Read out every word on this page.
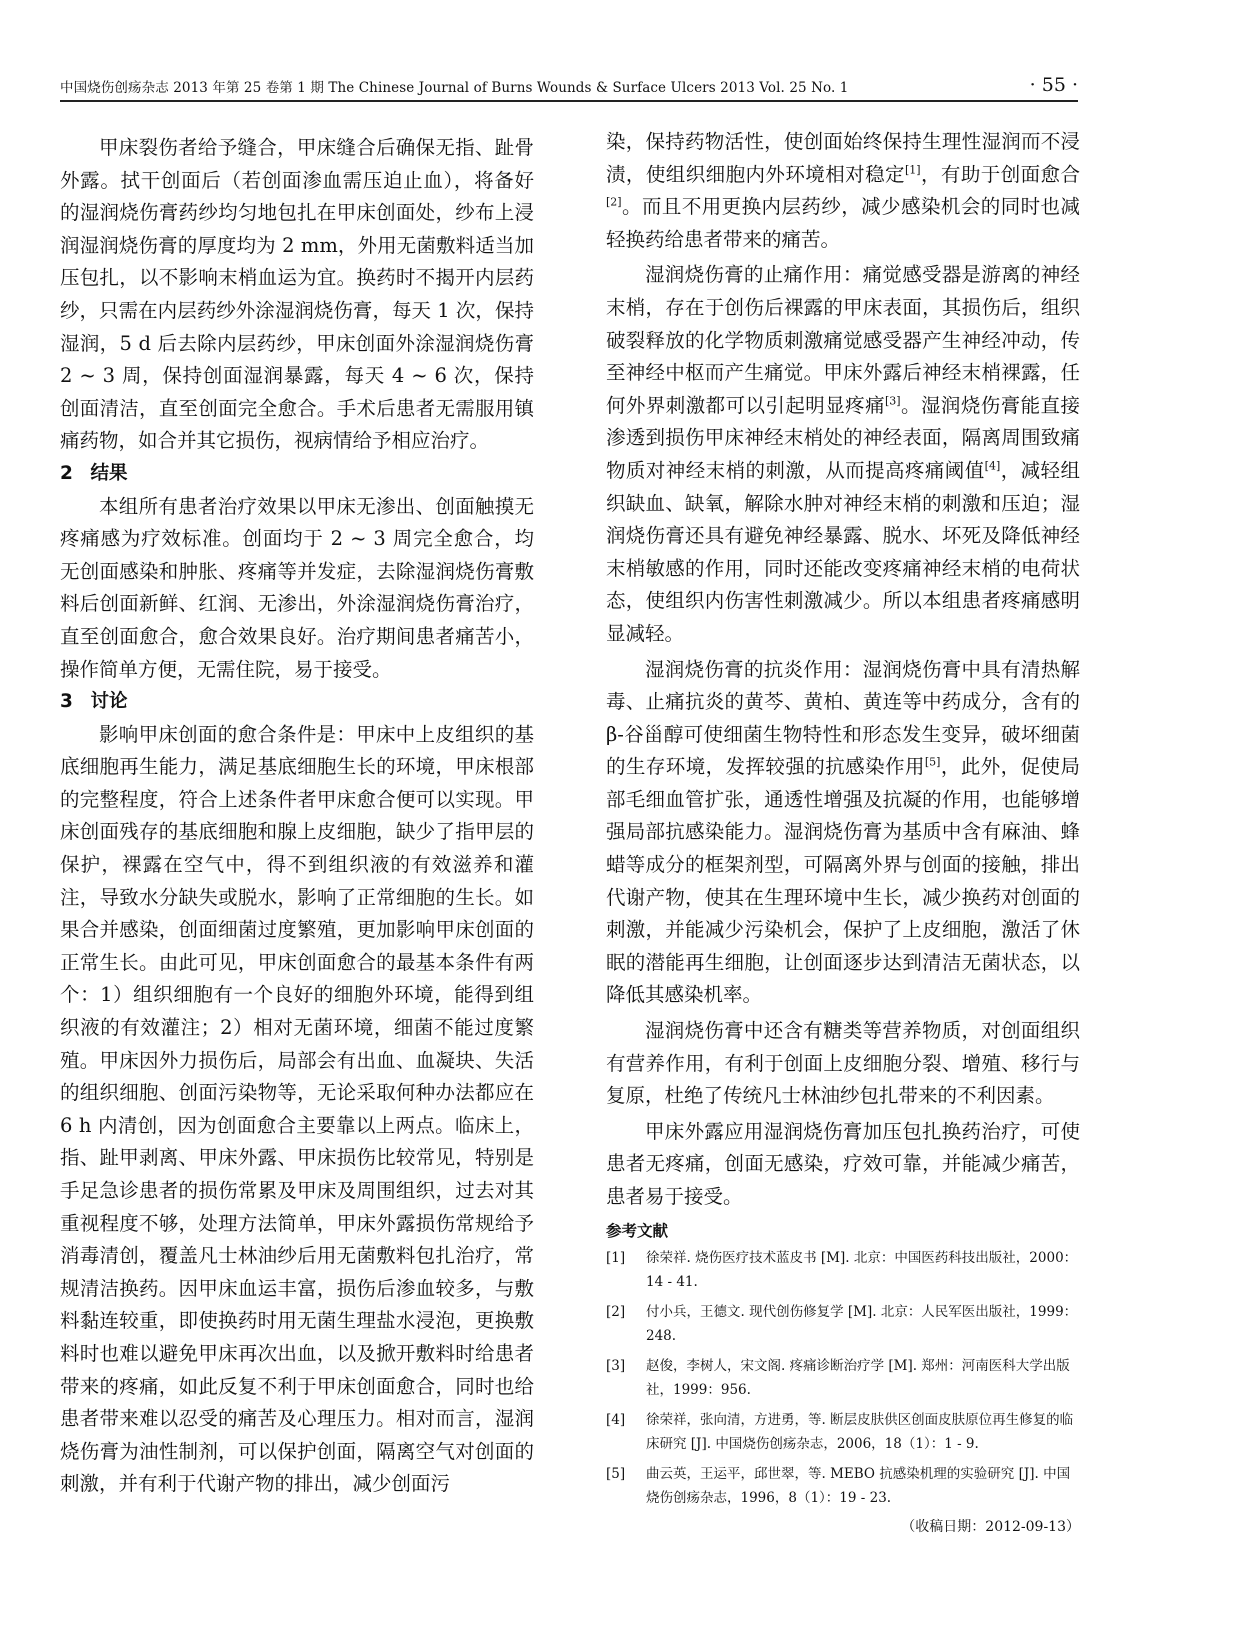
中国烧伤创疡杂志 2013 年第 25 卷第 1 期 The Chinese Journal of Burns Wounds & Surface Ulcers 2013 Vol. 25 No. 1	· 55 ·

甲床裂伤者给予缝合，甲床缝合后确保无指、趾骨外露。拭干创面后（若创面渗血需压迫止血），将备好的湿润烧伤膏药纱均匀地包扎在甲床创面处，纱布上浸润湿润烧伤膏的厚度均为 2 mm，外用无菌敷料适当加压包扎，以不影响末梢血运为宜。换药时不揭开内层药纱，只需在内层药纱外涂湿润烧伤膏，每天 1 次，保持湿润，5 d 后去除内层药纱，甲床创面外涂湿润烧伤膏 2 ~ 3 周，保持创面湿润暴露，每天 4 ~ 6 次，保持创面清洁，直至创面完全愈合。手术后患者无需服用镇痛药物，如合并其它损伤，视病情给予相应治疗。

2 结果

本组所有患者治疗效果以甲床无渗出、创面触摸无疼痛感为疗效标准。创面均于 2 ~ 3 周完全愈合，均无创面感染和肿胀、疼痛等并发症，去除湿润烧伤膏敷料后创面新鲜、红润、无渗出，外涂湿润烧伤膏治疗，直至创面愈合，愈合效果良好。治疗期间患者痛苦小，操作简单方便，无需住院，易于接受。

3 讨论

影响甲床创面的愈合条件是：甲床中上皮组织的基底细胞再生能力，满足基底细胞生长的环境，甲床根部的完整程度，符合上述条件者甲床愈合便可以实现。甲床创面残存的基底细胞和腺上皮细胞，缺少了指甲层的保护，裸露在空气中，得不到组织液的有效滋养和灌注，导致水分缺失或脱水，影响了正常细胞的生长。如果合并感染，创面细菌过度繁殖，更加影响甲床创面的正常生长。由此可见，甲床创面愈合的最基本条件有两个：1）组织细胞有一个良好的细胞外环境，能得到组织液的有效灌注；2）相对无菌环境，细菌不能过度繁殖。甲床因外力损伤后，局部会有出血、血凝块、失活的组织细胞、创面污染物等，无论采取何种办法都应在 6 h 内清创，因为创面愈合主要靠以上两点。临床上，指、趾甲剥离、甲床外露、甲床损伤比较常见，特别是手足急诊患者的损伤常累及甲床及周围组织，过去对其重视程度不够，处理方法简单，甲床外露损伤常规给予消毒清创，覆盖凡士林油纱后用无菌敷料包扎治疗，常规清洁换药。因甲床血运丰富，损伤后渗血较多，与敷料黏连较重，即使换药时用无菌生理盐水浸泡，更换敷料时也难以避免甲床再次出血，以及掀开敷料时给患者带来的疼痛，如此反复不利于甲床创面愈合，同时也给患者带来难以忍受的痛苦及心理压力。相对而言，湿润烧伤膏为油性制剂，可以保护创面，隔离空气对创面的刺激，并有利于代谢产物的排出，减少创面污

染，保持药物活性，使创面始终保持生理性湿润而不浸渍，使组织细胞内外环境相对稳定[1]，有助于创面愈合[2]。而且不用更换内层药纱，减少感染机会的同时也减轻换药给患者带来的痛苦。

湿润烧伤膏的止痛作用：痛觉感受器是游离的神经末梢，存在于创伤后裸露的甲床表面，其损伤后，组织破裂释放的化学物质刺激痛觉感受器产生神经冲动，传至神经中枢而产生痛觉。甲床外露后神经末梢裸露，任何外界刺激都可以引起明显疼痛[3]。湿润烧伤膏能直接渗透到损伤甲床神经末梢处的神经表面，隔离周围致痛物质对神经末梢的刺激，从而提高疼痛阈值[4]，减轻组织缺血、缺氧，解除水肿对神经末梢的刺激和压迫；湿润烧伤膏还具有避免神经暴露、脱水、坏死及降低神经末梢敏感的作用，同时还能改变疼痛神经末梢的电荷状态，使组织内伤害性刺激减少。所以本组患者疼痛感明显减轻。

湿润烧伤膏的抗炎作用：湿润烧伤膏中具有清热解毒、止痛抗炎的黄芩、黄柏、黄连等中药成分，含有的β-谷甾醇可使细菌生物特性和形态发生变异，破坏细菌的生存环境，发挥较强的抗感染作用[5]，此外，促使局部毛细血管扩张，通透性增强及抗凝的作用，也能够增强局部抗感染能力。湿润烧伤膏为基质中含有麻油、蜂蜡等成分的框架剂型，可隔离外界与创面的接触，排出代谢产物，使其在生理环境中生长，减少换药对创面的刺激，并能减少污染机会，保护了上皮细胞，激活了休眠的潜能再生细胞，让创面逐步达到清洁无菌状态，以降低其感染机率。

湿润烧伤膏中还含有糖类等营养物质，对创面组织有营养作用，有利于创面上皮细胞分裂、增殖、移行与复原，杜绝了传统凡士林油纱包扎带来的不利因素。

甲床外露应用湿润烧伤膏加压包扎换药治疗，可使患者无疼痛，创面无感染，疗效可靠，并能减少痛苦，患者易于接受。

参考文献
[1] 徐荣祥. 烧伤医疗技术蓝皮书 [M]. 北京：中国医药科技出版社，2000：14 - 41.
[2] 付小兵，王德文. 现代创伤修复学 [M]. 北京：人民军医出版社，1999：248.
[3] 赵俊，李树人，宋文阁. 疼痛诊断治疗学 [M]. 郑州：河南医科大学出版社，1999：956.
[4] 徐荣祥，张向清，方进勇，等. 断层皮肤供区创面皮肤原位再生修复的临床研究 [J]. 中国烧伤创疡杂志，2006，18（1）：1 - 9.
[5] 曲云英，王运平，邱世翠，等. MEBO 抗感染机理的实验研究 [J]. 中国烧伤创疡杂志，1996，8（1）：19 - 23.
（收稿日期：2012-09-13）
